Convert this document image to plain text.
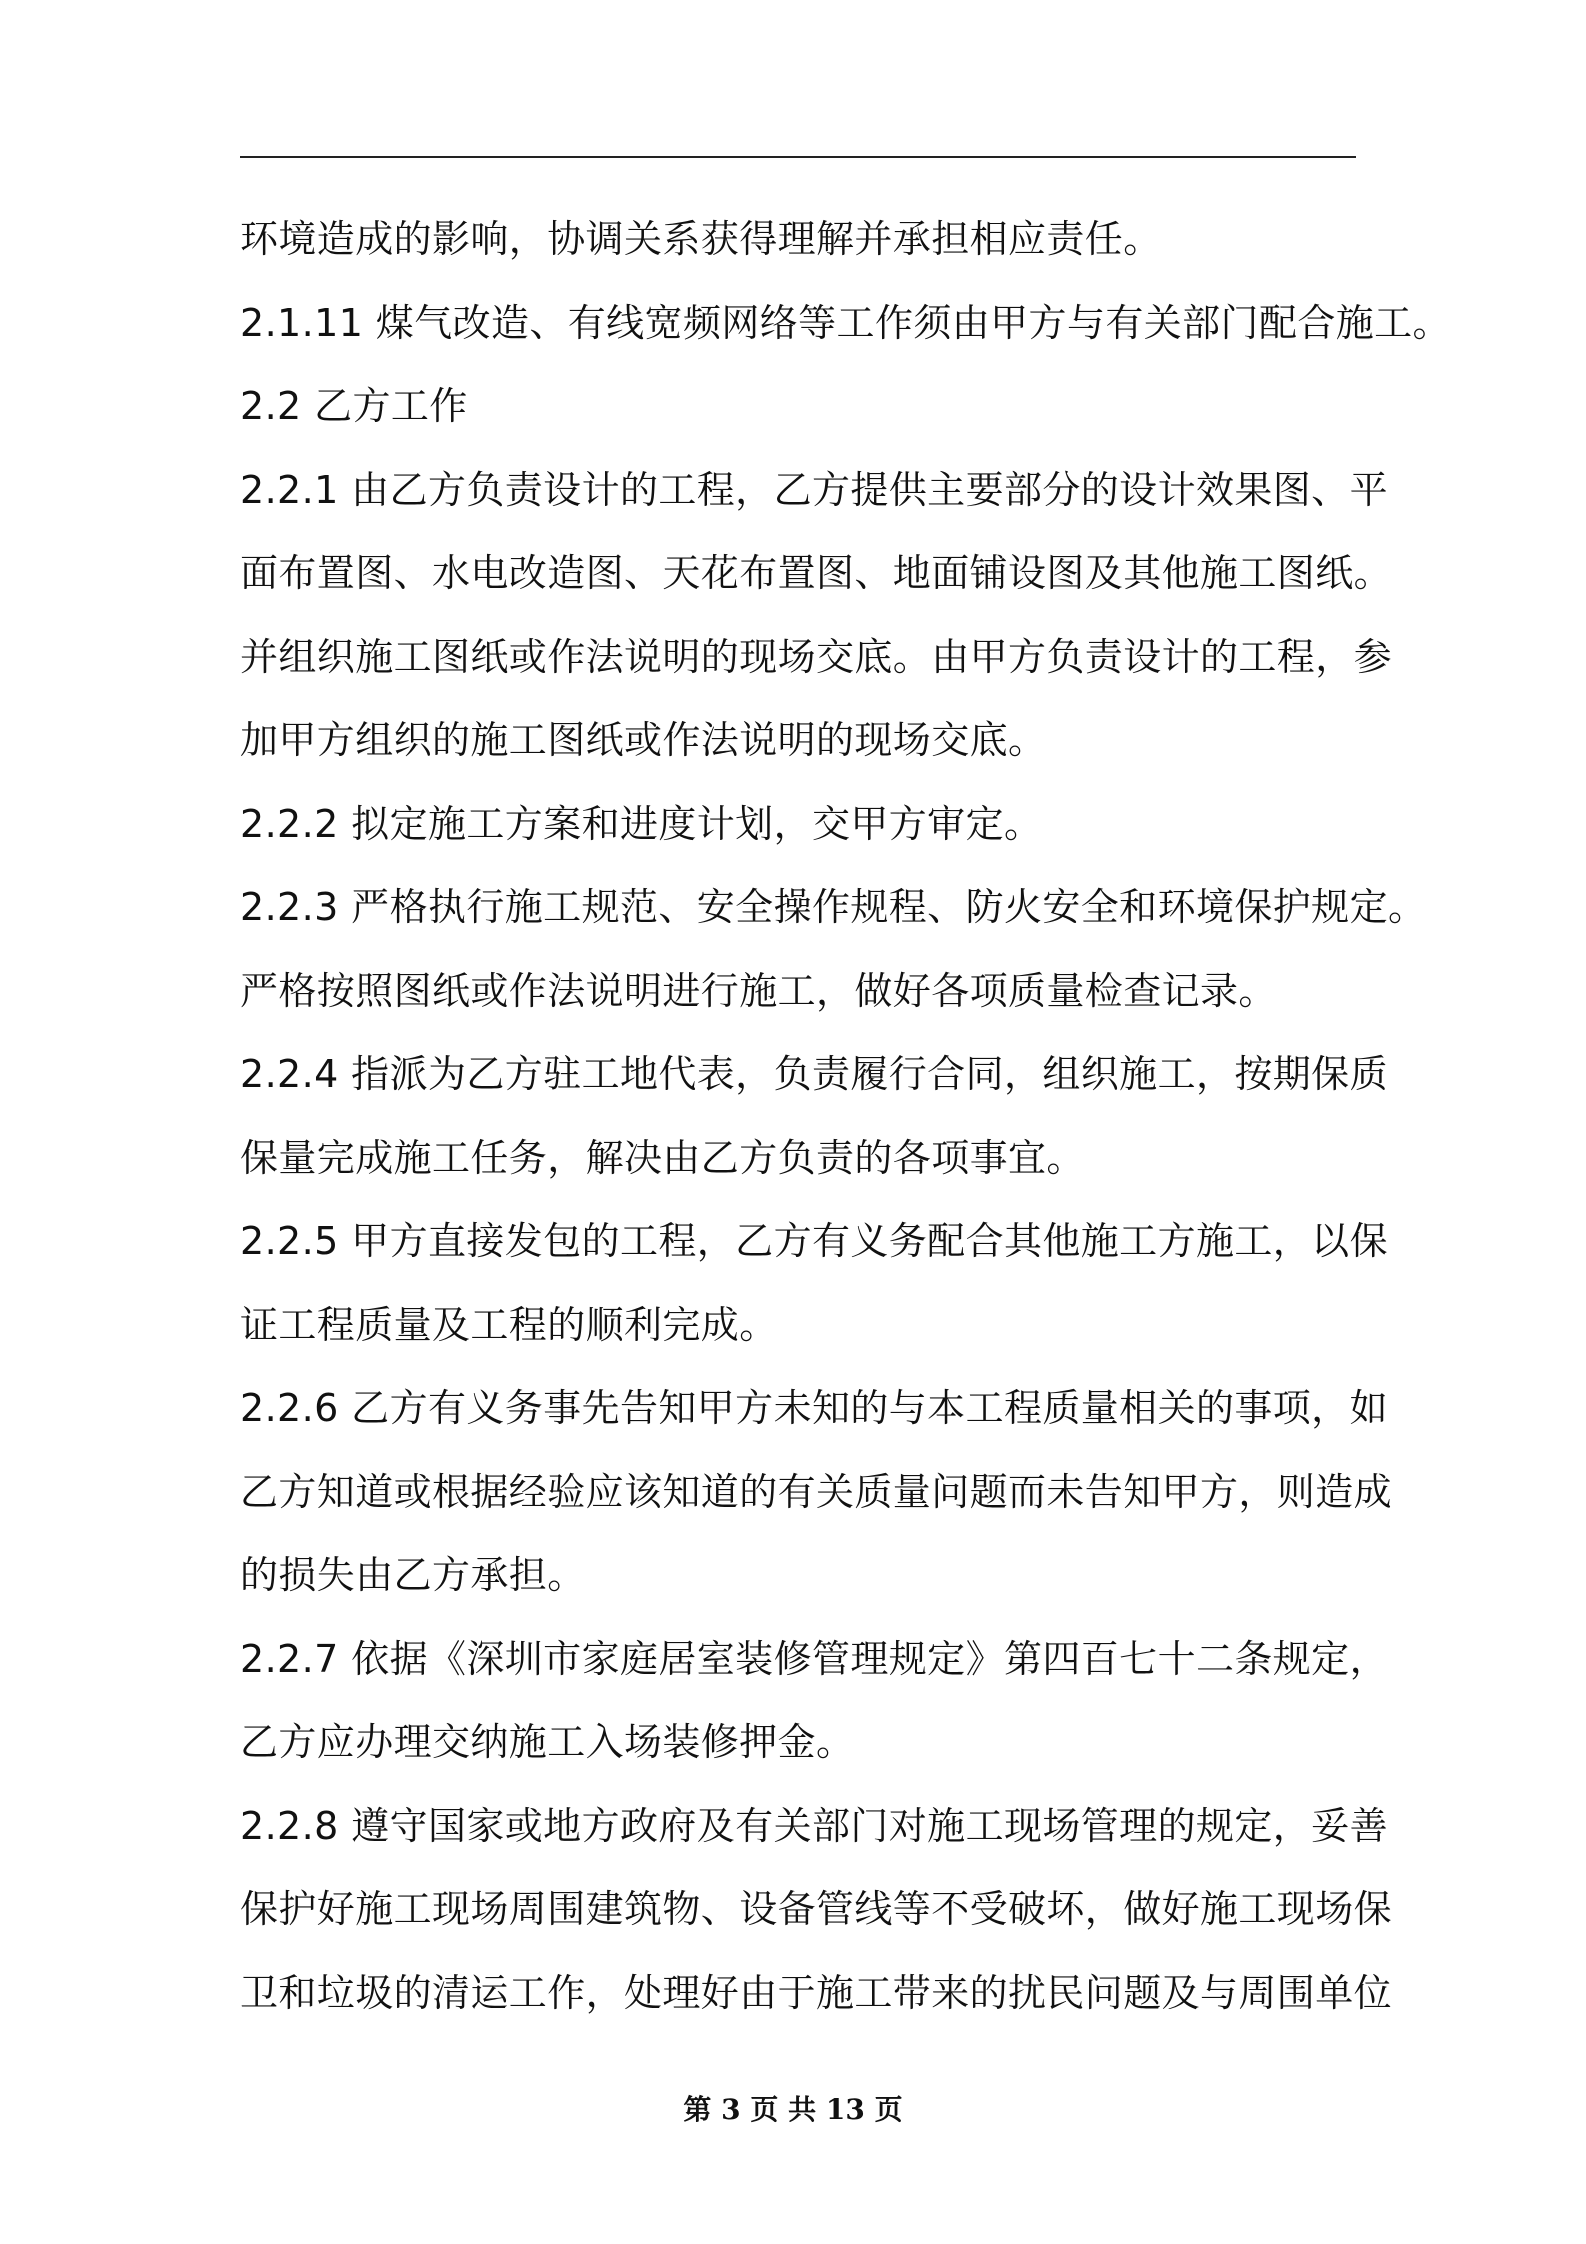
环境造成的影响，协调关系获得理解并承担相应责任。
2.1.11 煤气改造、有线宽频网络等工作须由甲方与有关部门配合施工。
2.2 乙方工作
2.2.1 由乙方负责设计的工程，乙方提供主要部分的设计效果图、平
面布置图、水电改造图、天花布置图、地面铺设图及其他施工图纸。
并组织施工图纸或作法说明的现场交底。由甲方负责设计的工程，参
加甲方组织的施工图纸或作法说明的现场交底。
2.2.2 拟定施工方案和进度计划，交甲方审定。
2.2.3 严格执行施工规范、安全操作规程、防火安全和环境保护规定。
严格按照图纸或作法说明进行施工，做好各项质量检查记录。
2.2.4 指派为乙方驻工地代表，负责履行合同，组织施工，按期保质
保量完成施工任务，解决由乙方负责的各项事宜。
2.2.5 甲方直接发包的工程，乙方有义务配合其他施工方施工，以保
证工程质量及工程的顺利完成。
2.2.6 乙方有义务事先告知甲方未知的与本工程质量相关的事项，如
乙方知道或根据经验应该知道的有关质量问题而未告知甲方，则造成
的损失由乙方承担。
2.2.7 依据《深圳市家庭居室装修管理规定》第四百七十二条规定，
乙方应办理交纳施工入场装修押金。
2.2.8 遵守国家或地方政府及有关部门对施工现场管理的规定，妥善
保护好施工现场周围建筑物、设备管线等不受破坏，做好施工现场保
卫和垃圾的清运工作，处理好由于施工带来的扰民问题及与周围单位
第 3 页 共 13 页
